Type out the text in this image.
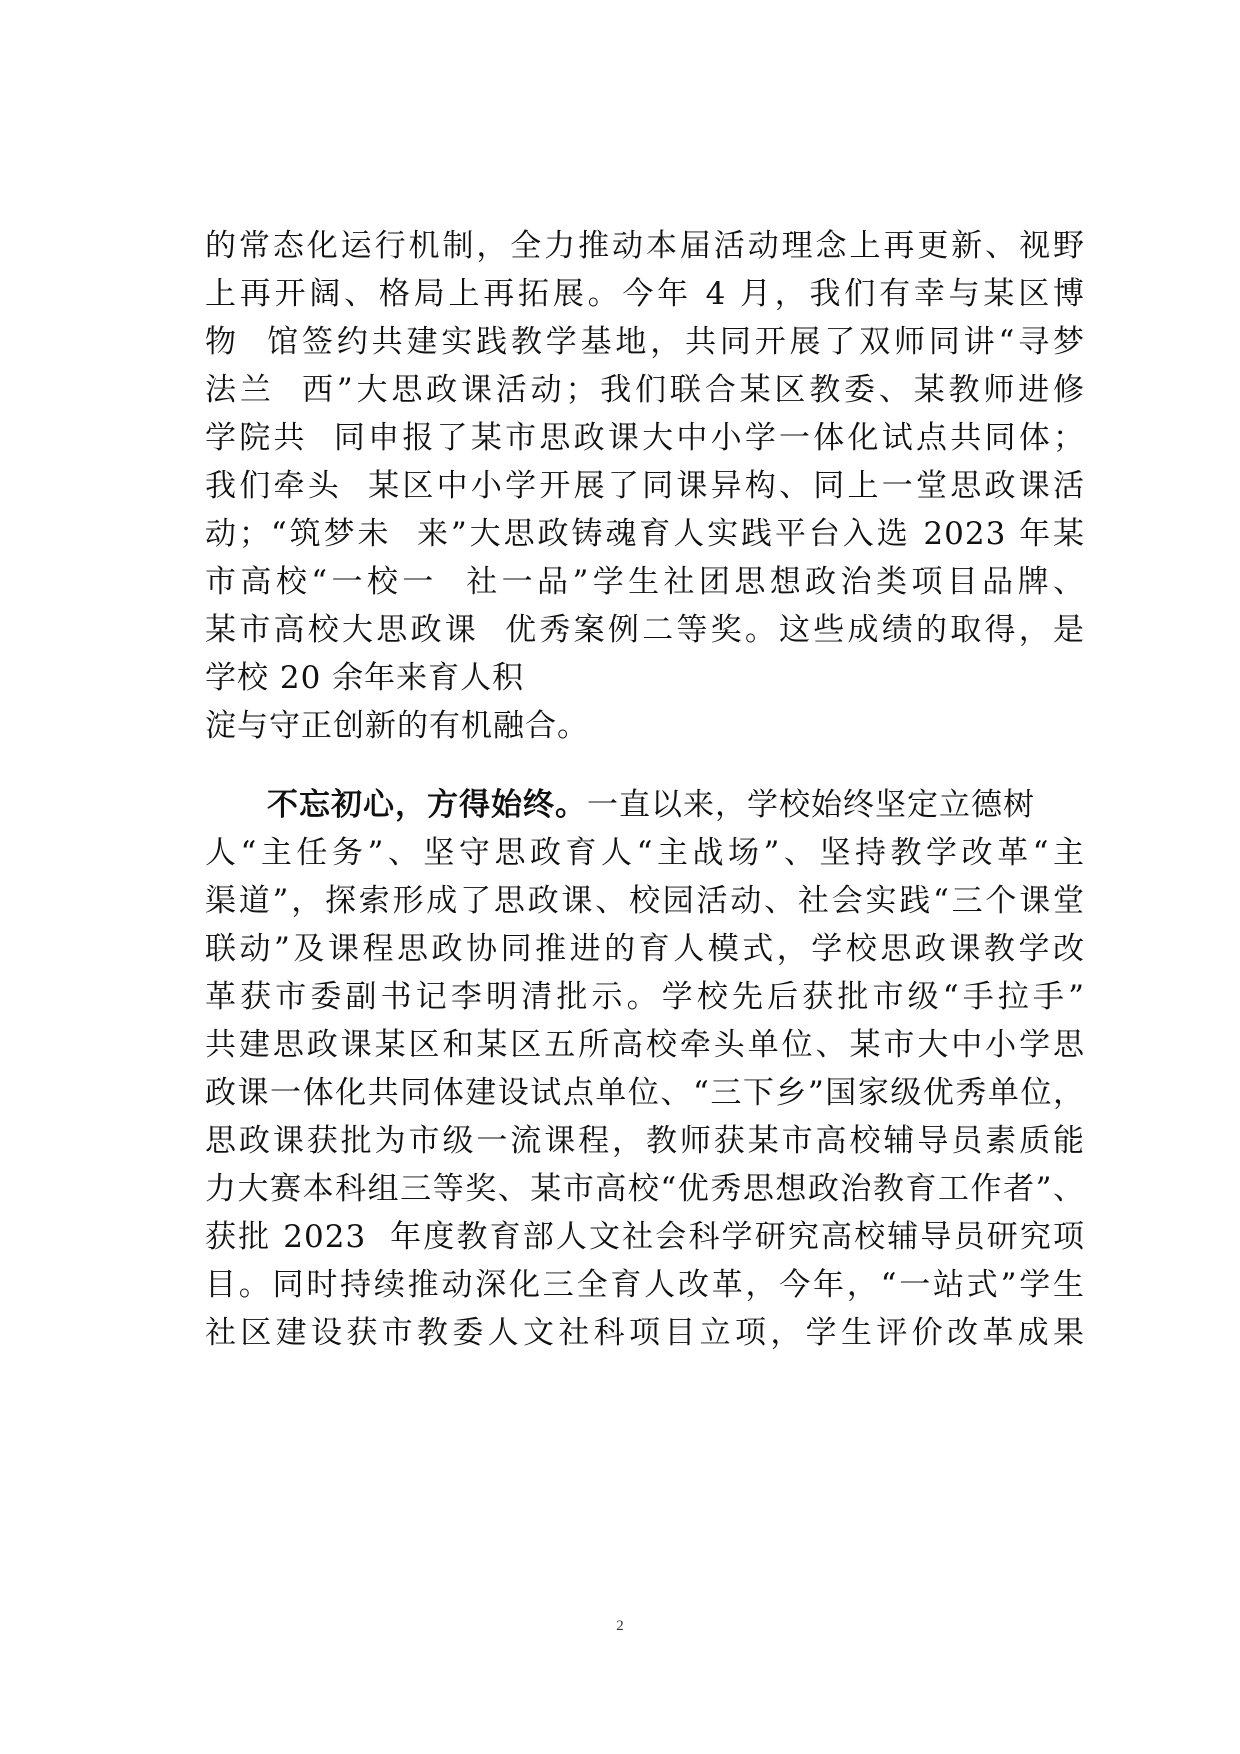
的常态化运行机制，全力推动本届活动理念上再更新、视野
上再开阔、格局上再拓展。今年 4 月，我们有幸与某区博
物  馆签约共建实践教学基地，共同开展了双师同讲“寻梦
法兰  西”大思政课活动；我们联合某区教委、某教师进修
学院共  同申报了某市思政课大中小学一体化试点共同体；
我们牵头  某区中小学开展了同课异构、同上一堂思政课活
动；“筑梦未  来”大思政铸魂育人实践平台入选 2023 年某
市高校“一校一  社一品”学生社团思想政治类项目品牌、
某市高校大思政课  优秀案例二等奖。这些成绩的取得，是
学校 20 余年来育人积
淀与守正创新的有机融合。
不忘初心，方得始终。一直以来，学校始终坚定立德树
人“主任务”、坚守思政育人“主战场”、坚持教学改革“主
渠道”，探索形成了思政课、校园活动、社会实践“三个课堂
联动”及课程思政协同推进的育人模式，学校思政课教学改
革获市委副书记李明清批示。学校先后获批市级“手拉手”
共建思政课某区和某区五所高校牵头单位、某市大中小学思
政课一体化共同体建设试点单位、“三下乡”国家级优秀单位，
思政课获批为市级一流课程，教师获某市高校辅导员素质能
力大赛本科组三等奖、某市高校“优秀思想政治教育工作者”、
获批 2023  年度教育部人文社会科学研究高校辅导员研究项
目。同时持续推动深化三全育人改革，今年，“一站式”学生
社区建设获市教委人文社科项目立项，学生评价改革成果
2
